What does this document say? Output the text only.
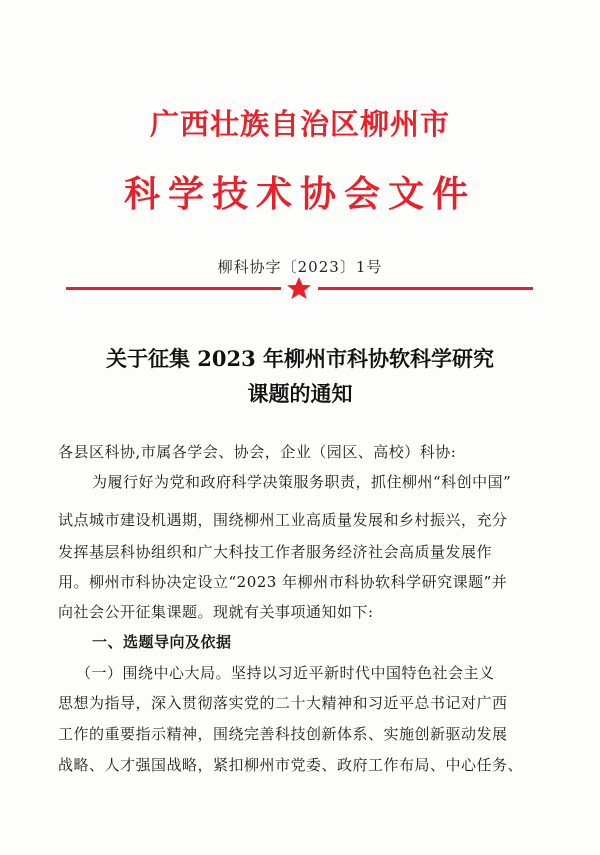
广西壮族自治区柳州市
科学技术协会文件
柳科协字〔2023〕1号
关于征集 2023 年柳州市科协软科学研究
课题的通知
各县区科协,市属各学会、协会，企业（园区、高校）科协:
为履行好为党和政府科学决策服务职责，抓住柳州“科创中国”
试点城市建设机遇期，围绕柳州工业高质量发展和乡村振兴，充分
发挥基层科协组织和广大科技工作者服务经济社会高质量发展作
用。柳州市科协决定设立“2023 年柳州市科协软科学研究课题”并
向社会公开征集课题。现就有关事项通知如下:
一、选题导向及依据
（一）围绕中心大局。坚持以习近平新时代中国特色社会主义
思想为指导，深入贯彻落实党的二十大精神和习近平总书记对广西
工作的重要指示精神，围绕完善科技创新体系、实施创新驱动发展
战略、人才强国战略，紧扣柳州市党委、政府工作布局、中心任务、
